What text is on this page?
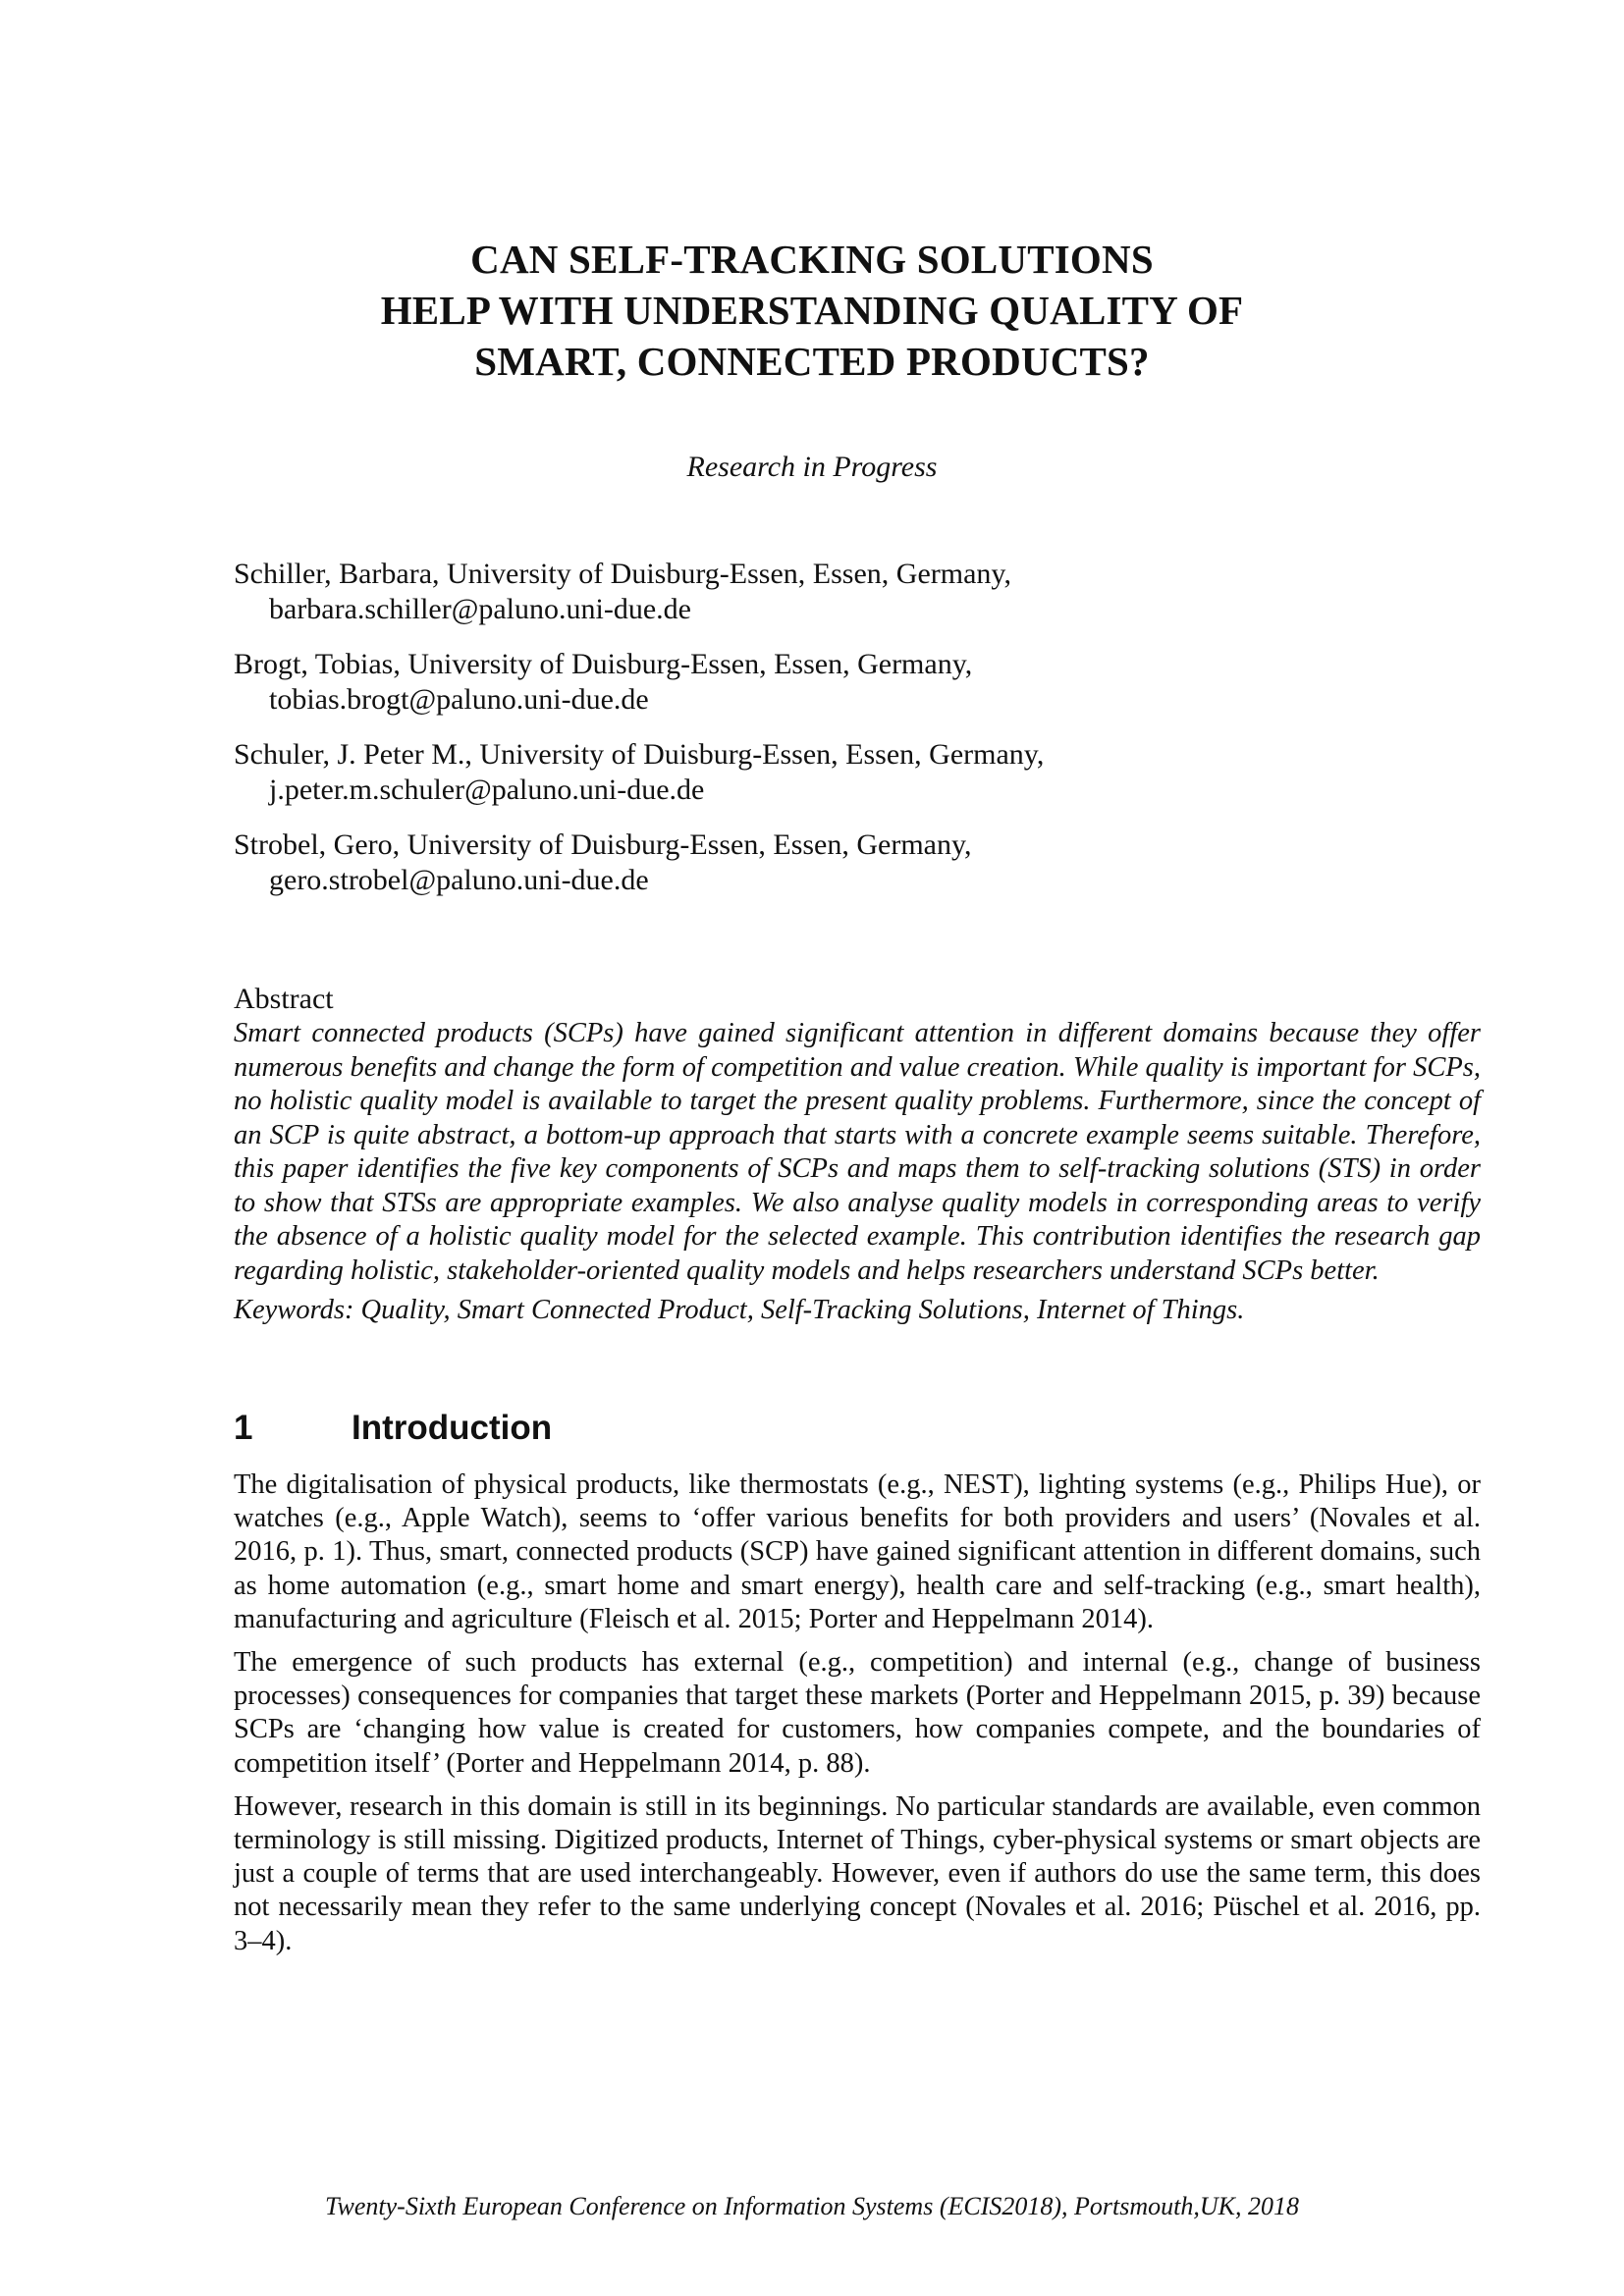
CAN SELF-TRACKING SOLUTIONS
HELP WITH UNDERSTANDING QUALITY OF
SMART, CONNECTED PRODUCTS?
Research in Progress
Schiller, Barbara, University of Duisburg-Essen, Essen, Germany,
barbara.schiller@paluno.uni-due.de
Brogt, Tobias, University of Duisburg-Essen, Essen, Germany,
tobias.brogt@paluno.uni-due.de
Schuler, J. Peter M., University of Duisburg-Essen, Essen, Germany,
j.peter.m.schuler@paluno.uni-due.de
Strobel, Gero, University of Duisburg-Essen, Essen, Germany,
gero.strobel@paluno.uni-due.de
Abstract

Smart connected products (SCPs) have gained significant attention in different domains because they offer numerous benefits and change the form of competition and value creation. While quality is important for SCPs, no holistic quality model is available to target the present quality problems. Furthermore, since the concept of an SCP is quite abstract, a bottom-up approach that starts with a concrete example seems suitable. Therefore, this paper identifies the five key components of SCPs and maps them to self-tracking solutions (STS) in order to show that STSs are appropriate examples. We also analyse quality models in corresponding areas to verify the absence of a holistic quality model for the selected example. This contribution identifies the research gap regarding holistic, stakeholder-oriented quality models and helps researchers understand SCPs better.

Keywords: Quality, Smart Connected Product, Self-Tracking Solutions, Internet of Things.
1	Introduction

The digitalisation of physical products, like thermostats (e.g., NEST), lighting systems (e.g., Philips Hue), or watches (e.g., Apple Watch), seems to ‘offer various benefits for both providers and users’ (Novales et al. 2016, p. 1). Thus, smart, connected products (SCP) have gained significant attention in different domains, such as home automation (e.g., smart home and smart energy), health care and self-tracking (e.g., smart health), manufacturing and agriculture (Fleisch et al. 2015; Porter and Heppelmann 2014).

The emergence of such products has external (e.g., competition) and internal (e.g., change of business processes) consequences for companies that target these markets (Porter and Heppelmann 2015, p. 39) because SCPs are ‘changing how value is created for customers, how companies compete, and the boundaries of competition itself’ (Porter and Heppelmann 2014, p. 88).

However, research in this domain is still in its beginnings. No particular standards are available, even common terminology is still missing. Digitized products, Internet of Things, cyber-physical systems or smart objects are just a couple of terms that are used interchangeably. However, even if authors do use the same term, this does not necessarily mean they refer to the same underlying concept (Novales et al. 2016; Püschel et al. 2016, pp. 3–4).

Twenty-Sixth European Conference on Information Systems (ECIS2018), Portsmouth,UK, 2018
